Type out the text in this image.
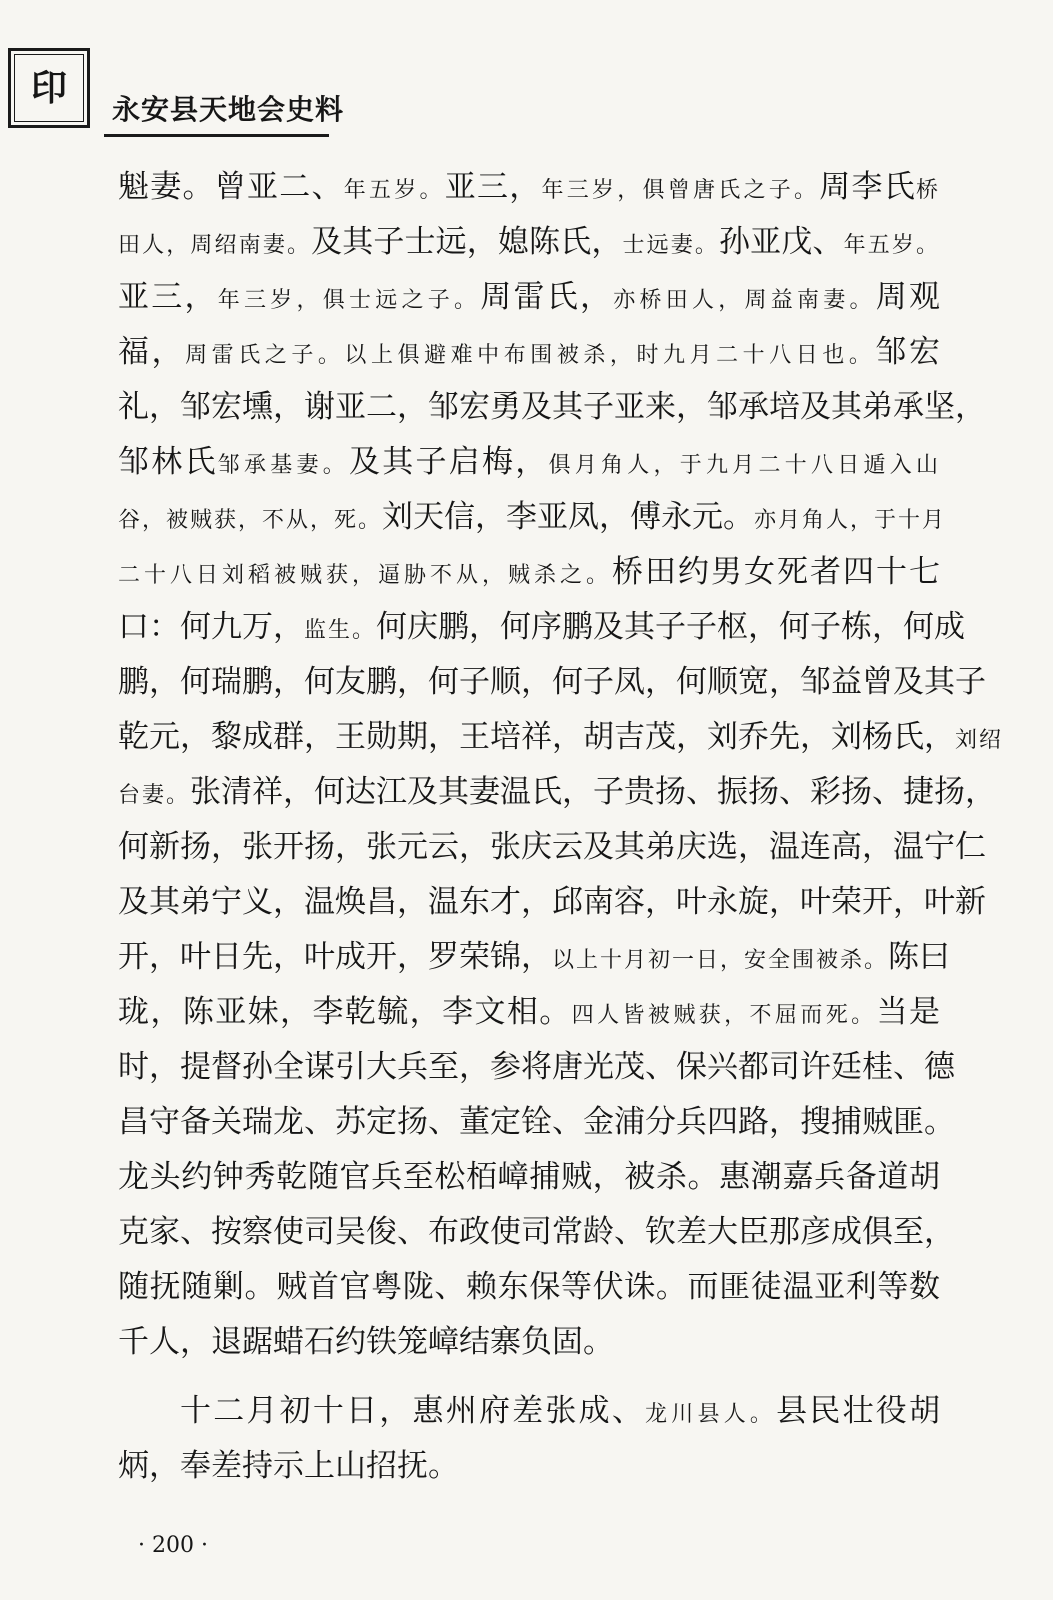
印
永安县天地会史料
魁妻。曾亚二、年五岁。亚三，年三岁，俱曾唐氏之子。周李氏桥
田人，周绍南妻。及其子士远，媳陈氏，士远妻。孙亚戊、年五岁。
亚三，年三岁，俱士远之子。周雷氏，亦桥田人，周益南妻。周观
福，周雷氏之子。以上俱避难中布围被杀，时九月二十八日也。邹宏
礼，邹宏壎，谢亚二，邹宏勇及其子亚来，邹承培及其弟承坚，
邹林氏邹承基妻。及其子启梅，俱月角人，于九月二十八日遁入山
谷，被贼获，不从，死。刘天信，李亚凤，傅永元。亦月角人，于十月
二十八日刘稻被贼获，逼胁不从，贼杀之。桥田约男女死者四十七
口：何九万，监生。何庆鹏，何序鹏及其子子枢，何子栋，何成
鹏，何瑞鹏，何友鹏，何子顺，何子凤，何顺宽，邹益曾及其子
乾元，黎成群，王勋期，王培祥，胡吉茂，刘乔先，刘杨氏，刘绍
台妻。张清祥，何达江及其妻温氏，子贵扬、振扬、彩扬、捷扬，
何新扬，张开扬，张元云，张庆云及其弟庆选，温连高，温宁仁
及其弟宁义，温焕昌，温东才，邱南容，叶永旋，叶荣开，叶新
开，叶日先，叶成开，罗荣锦，以上十月初一日，安全围被杀。陈曰
珑，陈亚妹，李乾毓，李文相。四人皆被贼获，不屈而死。当是
时，提督孙全谋引大兵至，参将唐光茂、保兴都司许廷桂、德
昌守备关瑞龙、苏定扬、董定铨、金浦分兵四路，搜捕贼匪。
龙头约钟秀乾随官兵至松栢嶂捕贼，被杀。惠潮嘉兵备道胡
克家、按察使司吴俊、布政使司常龄、钦差大臣那彦成俱至，
随抚随剿。贼首官粤陇、赖东保等伏诛。而匪徒温亚利等数
千人，退踞蜡石约铁笼嶂结寨负固。
十二月初十日，惠州府差张成、龙川县人。县民壮役胡
炳，奉差持示上山招抚。
· 200 ·
